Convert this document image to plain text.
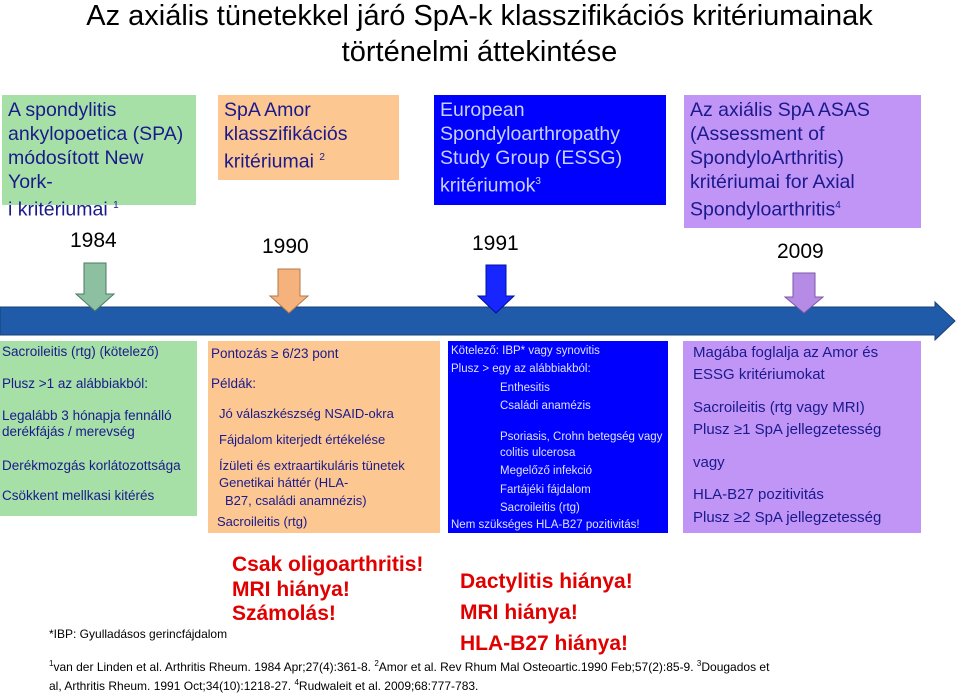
Az axiális tünetekkel járó SpA-k klasszifikációs kritériumainak
történelmi áttekintése
A spondylitis
ankylopoetica (SPA)
módosított New York-
i kritériumai $^1$
SpA Amor
klasszifikációs
kritériumai $^2$
European
Spondyloarthropathy
Study Group (ESSG)
kritériumok$^3$
Az axiális SpA ASAS
(Assessment of
SpondyloArthritis)
kritériumai for Axial
Spondyloarthritis$^4$
1984	1990	1991	2009
Sacroileitis (rtg) (kötelező)
Plusz >1 az alábbiakból:
Legalább 3 hónapja fennálló
derékfájás / merevség
Derékmozgás korlátozottsága
Csökkent mellkasi kitérés
Pontozás ≥ 6/23 pont
Példák:
Jó válaszkészség NSAID-okra
Fájdalom kiterjedt értékelése
Ízületi és extraartikuláris tünetek
Genetikai háttér (HLA-
B27, családi anamnézis)
Sacroileitis (rtg)
Kötelező: IBP* vagy synovitis
Plusz > egy az alábbiakból:
Enthesitis
Családi anamézis
Psoriasis, Crohn betegség vagy
colitis ulcerosa
Megelőző infekció
Fartájéki fájdalom
Sacroileitis (rtg)
Nem szükséges HLA-B27 pozitivitás!
Magába foglalja az Amor és
ESSG kritériumokat
Sacroileitis (rtg vagy MRI)
Plusz ≥1 SpA jellegzetesség
vagy
HLA-B27 pozitivitás
Plusz ≥2 SpA jellegzetesség
Csak oligoarthritis!
MRI hiánya!
Számolás!
Dactylitis hiánya!
MRI hiánya!
HLA-B27 hiánya!
*IBP: Gyulladásos gerincfájdalom
$^1$van der Linden et al. Arthritis Rheum. 1984 Apr;27(4):361-8. $^2$Amor et al. Rev Rhum Mal Osteoartic.1990 Feb;57(2):85-9. $^3$Dougados et
al, Arthritis Rheum. 1991 Oct;34(10):1218-27. $^4$Rudwaleit et al. 2009;68:777-783.
